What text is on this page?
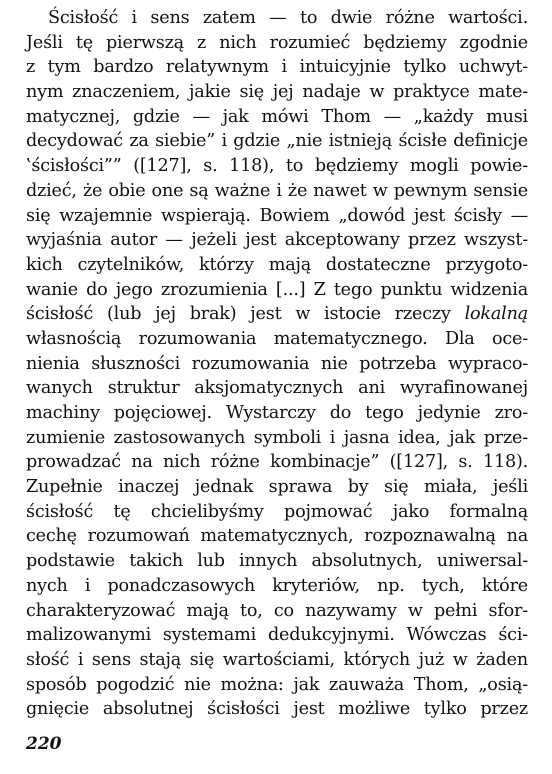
Ścisłość i sens zatem — to dwie różne wartości.
Jeśli tę pierwszą z nich rozumieć będziemy zgodnie
z tym bardzo relatywnym i intuicyjnie tylko uchwyt-
nym znaczeniem, jakie się jej nadaje w praktyce mate-
matycznej, gdzie — jak mówi Thom — „każdy musi
decydować za siebie” i gdzie „nie istnieją ścisłe definicje
‛ścisłości”” ([127], s. 118), to będziemy mogli powie-
dzieć, że obie one są ważne i że nawet w pewnym sensie
się wzajemnie wspierają. Bowiem „dowód jest ścisły —
wyjaśnia autor — jeżeli jest akceptowany przez wszyst-
kich czytelników, którzy mają dostateczne przygoto-
wanie do jego zrozumienia [...] Z tego punktu widzenia
ścisłość (lub jej brak) jest w istocie rzeczy lokalną
własnością rozumowania matematycznego. Dla oce-
nienia słuszności rozumowania nie potrzeba wypraco-
wanych struktur aksjomatycznych ani wyrafinowanej
machiny pojęciowej. Wystarczy do tego jedynie zro-
zumienie zastosowanych symboli i jasna idea, jak prze-
prowadzać na nich różne kombinacje” ([127], s. 118).
Zupełnie inaczej jednak sprawa by się miała, jeśli
ścisłość tę chcielibyśmy pojmować jako formalną
cechę rozumowań matematycznych, rozpoznawalną na
podstawie takich lub innych absolutnych, uniwersal-
nych i ponadczasowych kryteriów, np. tych, które
charakteryzować mają to, co nazywamy w pełni sfor-
malizowanymi systemami dedukcyjnymi. Wówczas ści-
słość i sens stają się wartościami, których już w żaden
sposób pogodzić nie można: jak zauważa Thom, „osią-
gnięcie absolutnej ścisłości jest możliwe tylko przez
220
